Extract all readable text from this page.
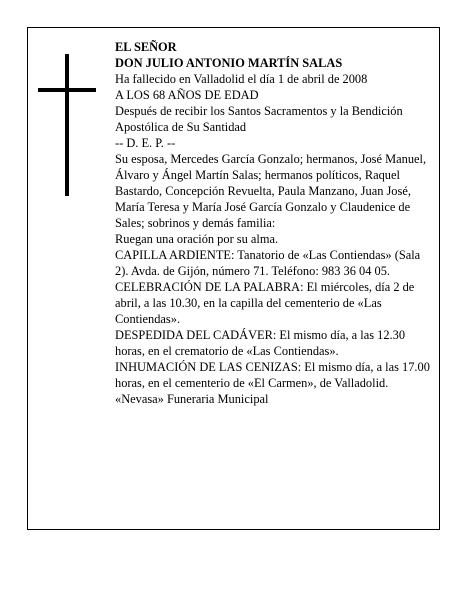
EL SEÑOR

DON JULIO ANTONIO MARTÍN SALAS

Ha fallecido en Valladolid el día 1 de abril de 2008

A LOS 68 AÑOS DE EDAD

Después de recibir los Santos Sacramentos y la Bendición Apostólica de Su Santidad

-- D. E. P. --

Su esposa, Mercedes García Gonzalo; hermanos, José Manuel, Álvaro y Ángel Martín Salas; hermanos políticos, Raquel Bastardo, Concepción Revuelta, Paula Manzano, Juan José, María Teresa y María José García Gonzalo y Claudenice de Sales; sobrinos y demás familia:

Ruegan una oración por su alma.

CAPILLA ARDIENTE: Tanatorio de «Las Contiendas» (Sala 2). Avda. de Gijón, número 71. Teléfono: 983 36 04 05.

CELEBRACIÓN DE LA PALABRA: El miércoles, día 2 de abril, a las 10.30, en la capilla del cementerio de «Las Contiendas».

DESPEDIDA DEL CADÁVER: El mismo día, a las 12.30 horas, en el crematorio de «Las Contiendas».

INHUMACIÓN DE LAS CENIZAS: El mismo día, a las 17.00 horas, en el cementerio de «El Carmen», de Valladolid.

«Nevasa» Funeraria Municipal
